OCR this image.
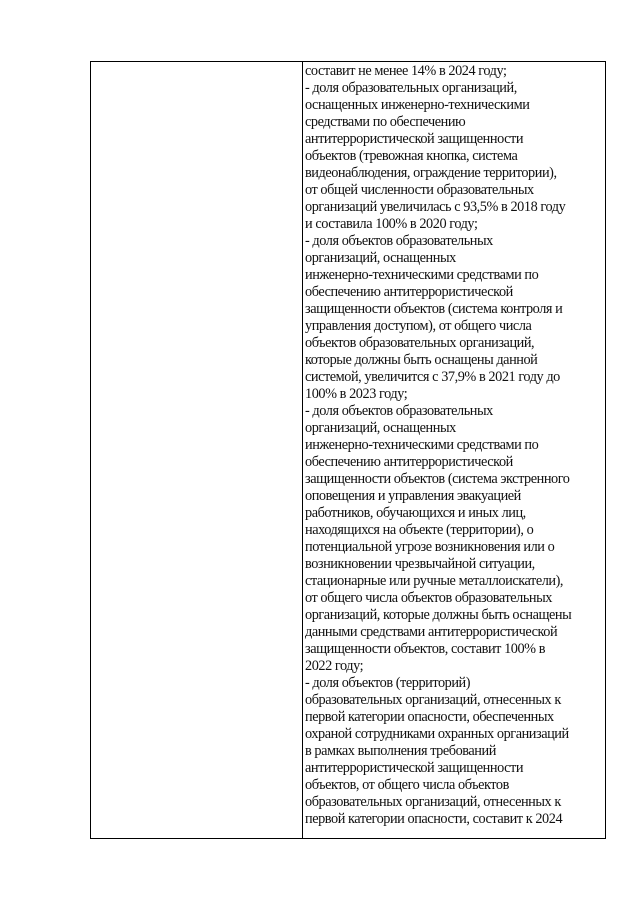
составит не менее 14% в 2024 году;
- доля образовательных организаций,
оснащенных инженерно-техническими
средствами по обеспечению
антитеррористической защищенности
объектов (тревожная кнопка, система
видеонаблюдения, ограждение территории),
от общей численности образовательных
организаций увеличилась с 93,5% в 2018 году
и составила 100% в 2020 году;
- доля объектов образовательных
организаций, оснащенных
инженерно-техническими средствами по
обеспечению антитеррористической
защищенности объектов (система контроля и
управления доступом), от общего числа
объектов образовательных организаций,
которые должны быть оснащены данной
системой, увеличится с 37,9% в 2021 году до
100% в 2023 году;
- доля объектов образовательных
организаций, оснащенных
инженерно-техническими средствами по
обеспечению антитеррористической
защищенности объектов (система экстренного
оповещения и управления эвакуацией
работников, обучающихся и иных лиц,
находящихся на объекте (территории), о
потенциальной угрозе возникновения или о
возникновении чрезвычайной ситуации,
стационарные или ручные металлоискатели),
от общего числа объектов образовательных
организаций, которые должны быть оснащены
данными средствами антитеррористической
защищенности объектов, составит 100% в
2022 году;
- доля объектов (территорий)
образовательных организаций, отнесенных к
первой категории опасности, обеспеченных
охраной сотрудниками охранных организаций
в рамках выполнения требований
антитеррористической защищенности
объектов, от общего числа объектов
образовательных организаций, отнесенных к
первой категории опасности, составит к 2024
